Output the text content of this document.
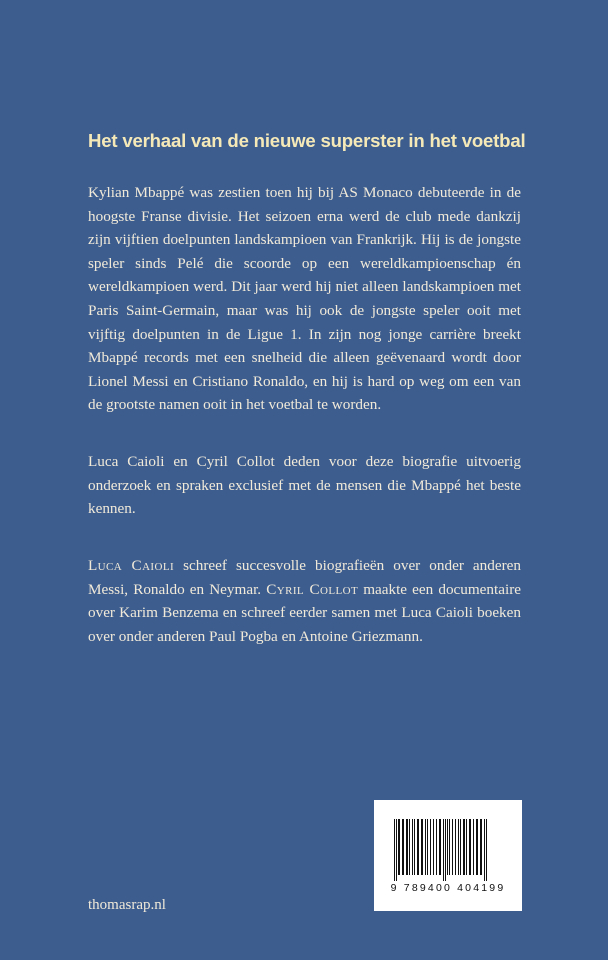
Het verhaal van de nieuwe superster in het voetbal

Kylian Mbappé was zestien toen hij bij AS Monaco debuteerde in de hoogste Franse divisie. Het seizoen erna werd de club mede dankzij zijn vijftien doelpunten landskampioen van Frankrijk. Hij is de jongste speler sinds Pelé die scoorde op een wereldkampioenschap én wereldkampioen werd. Dit jaar werd hij niet alleen landskampioen met Paris Saint-Germain, maar was hij ook de jongste speler ooit met vijftig doelpunten in de Ligue 1. In zijn nog jonge carrière breekt Mbappé records met een snelheid die alleen geëvenaard wordt door Lionel Messi en Cristiano Ronaldo, en hij is hard op weg om een van de grootste namen ooit in het voetbal te worden.

Luca Caioli en Cyril Collot deden voor deze biografie uitvoerig onderzoek en spraken exclusief met de mensen die Mbappé het beste kennen.

Luca Caioli schreef succesvolle biografieën over onder anderen Messi, Ronaldo en Neymar. Cyril Collot maakte een documentaire over Karim Benzema en schreef eerder samen met Luca Caioli boeken over onder anderen Paul Pogba en Antoine Griezmann.

9 789400 404199
thomasrap.nl
